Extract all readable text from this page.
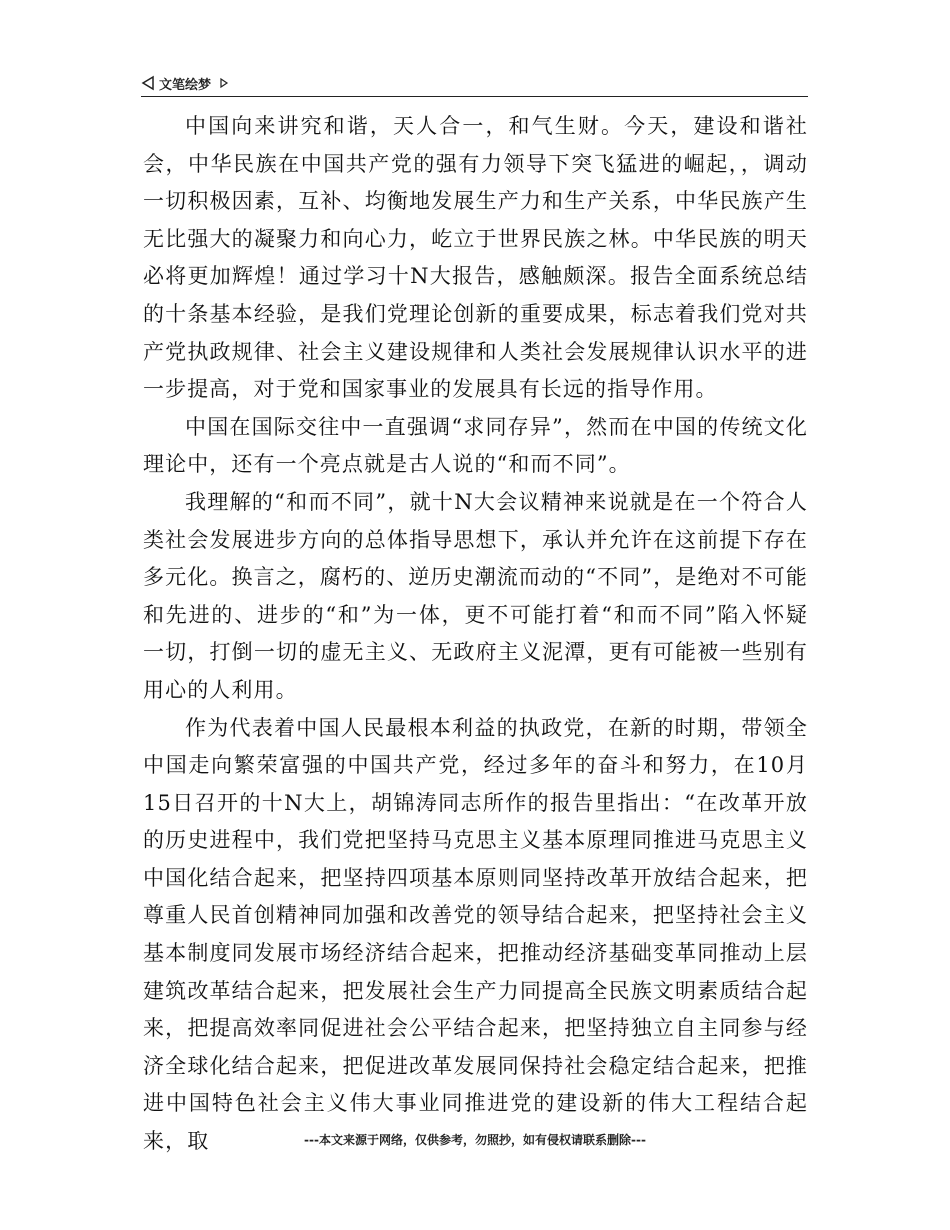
文笔绘梦

中国向来讲究和谐，天人合一，和气生财。今天，建设和谐社会，中华民族在中国共产党的强有力领导下突飞猛进的崛起，，调动一切积极因素，互补、均衡地发展生产力和生产关系，中华民族产生无比强大的凝聚力和向心力，屹立于世界民族之林。中华民族的明天必将更加辉煌！通过学习十N大报告，感触颇深。报告全面系统总结的十条基本经验，是我们党理论创新的重要成果，标志着我们党对共产党执政规律、社会主义建设规律和人类社会发展规律认识水平的进一步提高，对于党和国家事业的发展具有长远的指导作用。

中国在国际交往中一直强调“求同存异”，然而在中国的传统文化理论中，还有一个亮点就是古人说的“和而不同”。

我理解的“和而不同”，就十N大会议精神来说就是在一个符合人类社会发展进步方向的总体指导思想下，承认并允许在这前提下存在多元化。换言之，腐朽的、逆历史潮流而动的“不同”，是绝对不可能和先进的、进步的“和”为一体，更不可能打着“和而不同”陷入怀疑一切，打倒一切的虚无主义、无政府主义泥潭，更有可能被一些别有用心的人利用。

作为代表着中国人民最根本利益的执政党，在新的时期，带领全中国走向繁荣富强的中国共产党，经过多年的奋斗和努力，在10月15日召开的十N大上，胡锦涛同志所作的报告里指出：“在改革开放的历史进程中，我们党把坚持马克思主义基本原理同推进马克思主义中国化结合起来，把坚持四项基本原则同坚持改革开放结合起来，把尊重人民首创精神同加强和改善党的领导结合起来，把坚持社会主义基本制度同发展市场经济结合起来，把推动经济基础变革同推动上层建筑改革结合起来，把发展社会生产力同提高全民族文明素质结合起来，把提高效率同促进社会公平结合起来，把坚持独立自主同参与经济全球化结合起来，把促进改革发展同保持社会稳定结合起来，把推进中国特色社会主义伟大事业同推进党的建设新的伟大工程结合起来，取	---本文来源于网络，仅供参考，勿照抄，如有侵权请联系删除---
